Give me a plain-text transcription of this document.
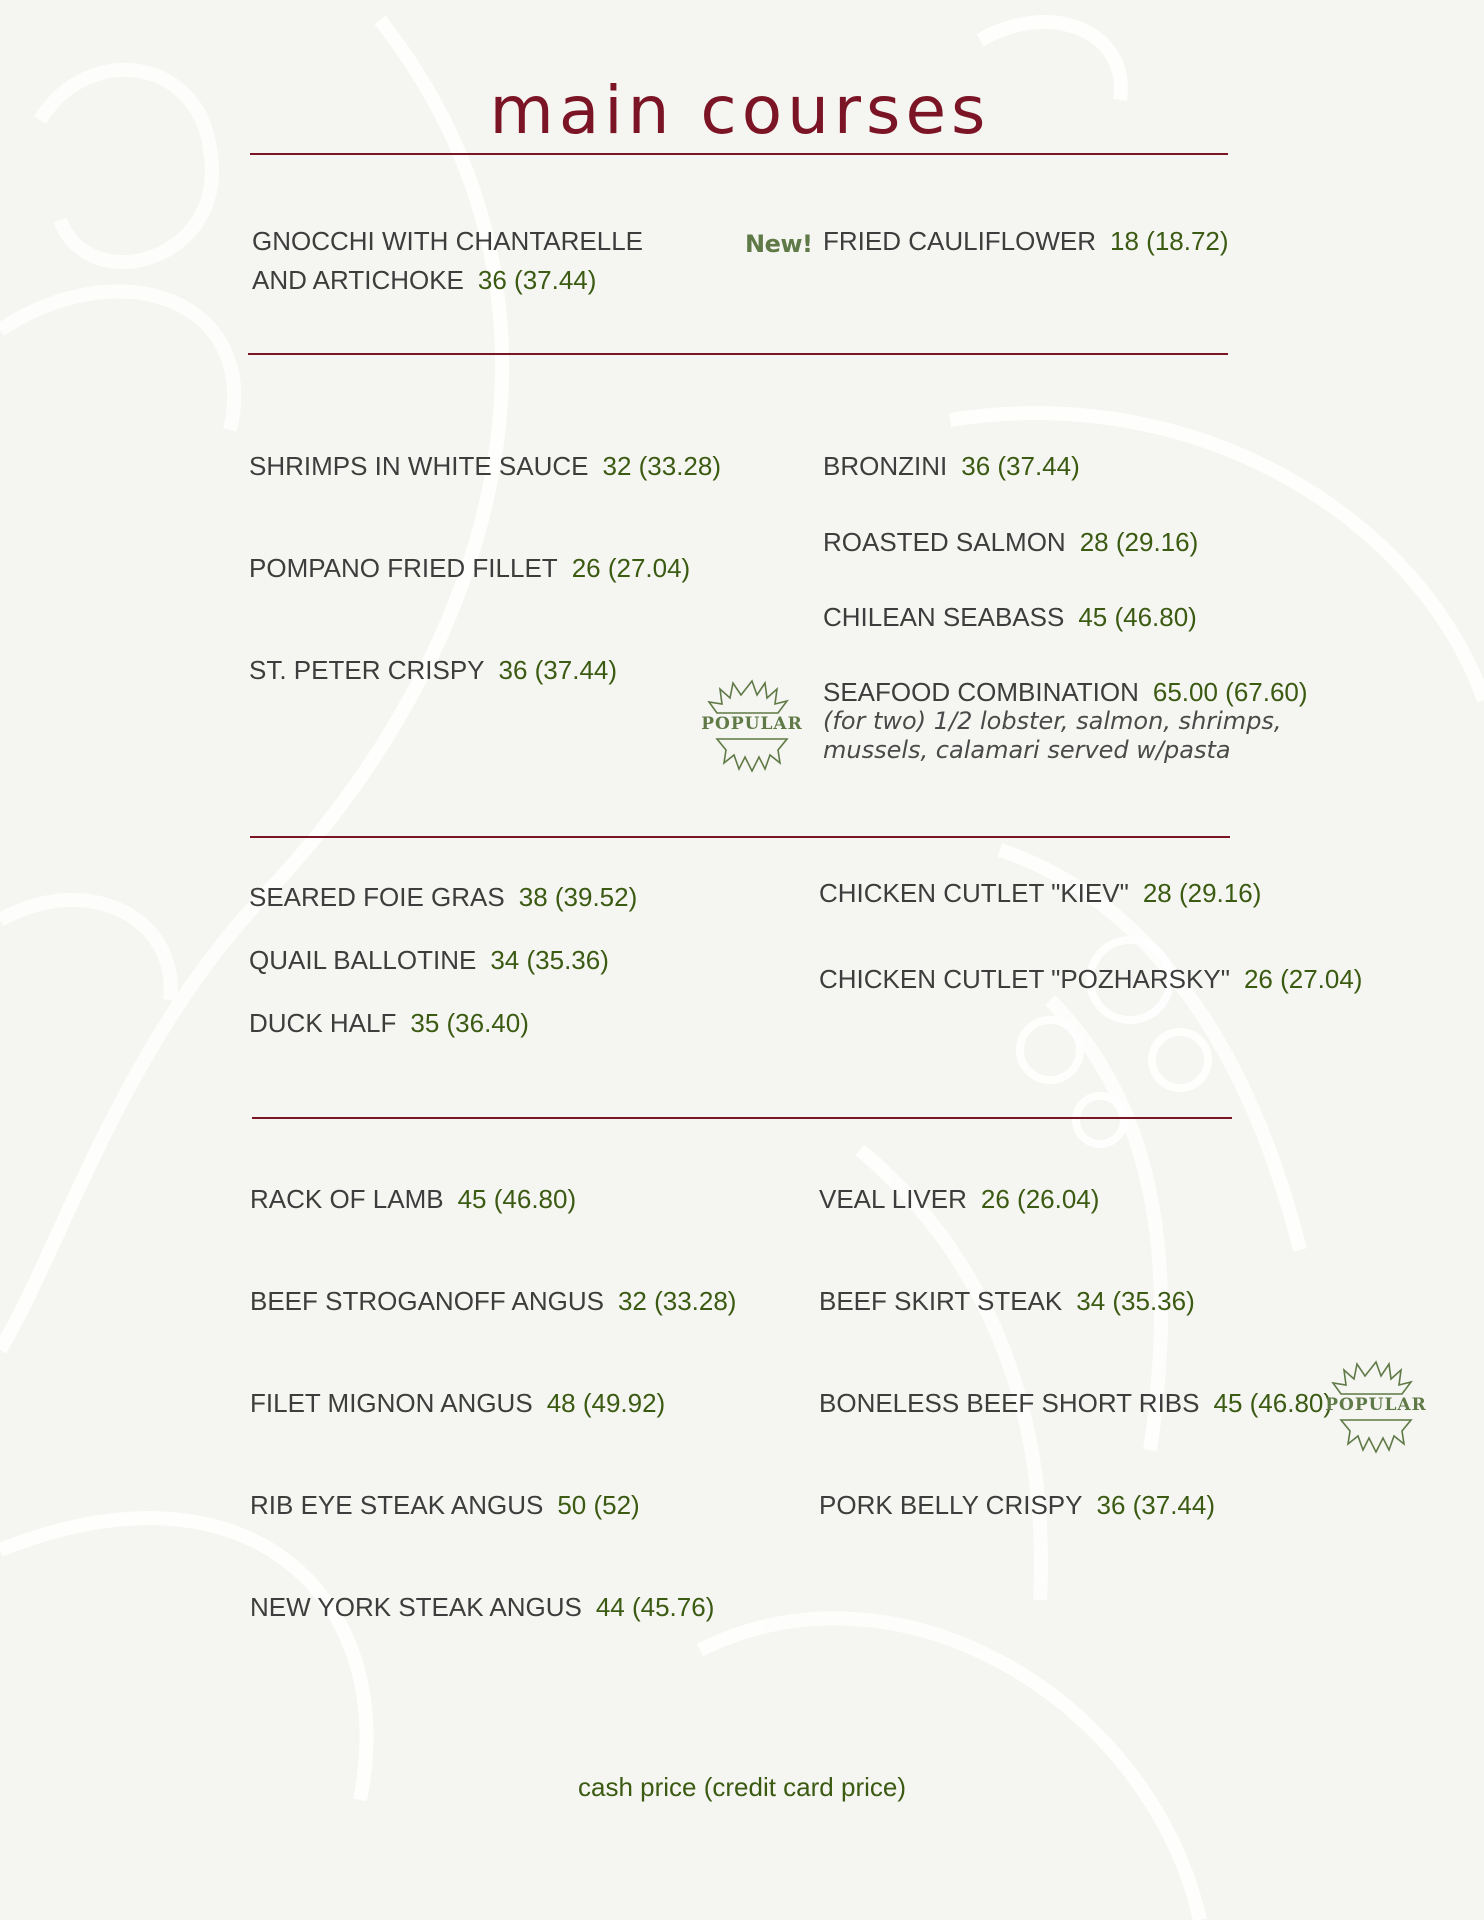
main courses
GNOCCHI WITH CHANTARELLE
AND ARTICHOKE 36 (37.44)
New! FRIED CAULIFLOWER 18 (18.72)
SHRIMPS IN WHITE SAUCE 32 (33.28)
POMPANO FRIED FILLET 26 (27.04)
ST. PETER CRISPY 36 (37.44)
BRONZINI 36 (37.44)
ROASTED SALMON 28 (29.16)
CHILEAN SEABASS 45 (46.80)
SEAFOOD COMBINATION 65.00 (67.60)
(for two) 1/2 lobster, salmon, shrimps,
mussels, calamari served w/pasta
POPULAR
SEARED FOIE GRAS 38 (39.52)
QUAIL BALLOTINE 34 (35.36)
DUCK HALF 35 (36.40)
CHICKEN CUTLET "KIEV" 28 (29.16)
CHICKEN CUTLET "POZHARSKY" 26 (27.04)
RACK OF LAMB 45 (46.80)
BEEF STROGANOFF ANGUS 32 (33.28)
FILET MIGNON ANGUS 48 (49.92)
RIB EYE STEAK ANGUS 50 (52)
NEW YORK STEAK ANGUS 44 (45.76)
VEAL LIVER 26 (26.04)
BEEF SKIRT STEAK 34 (35.36)
BONELESS BEEF SHORT RIBS 45 (46.80)
PORK BELLY CRISPY 36 (37.44)
POPULAR
cash price (credit card price)
